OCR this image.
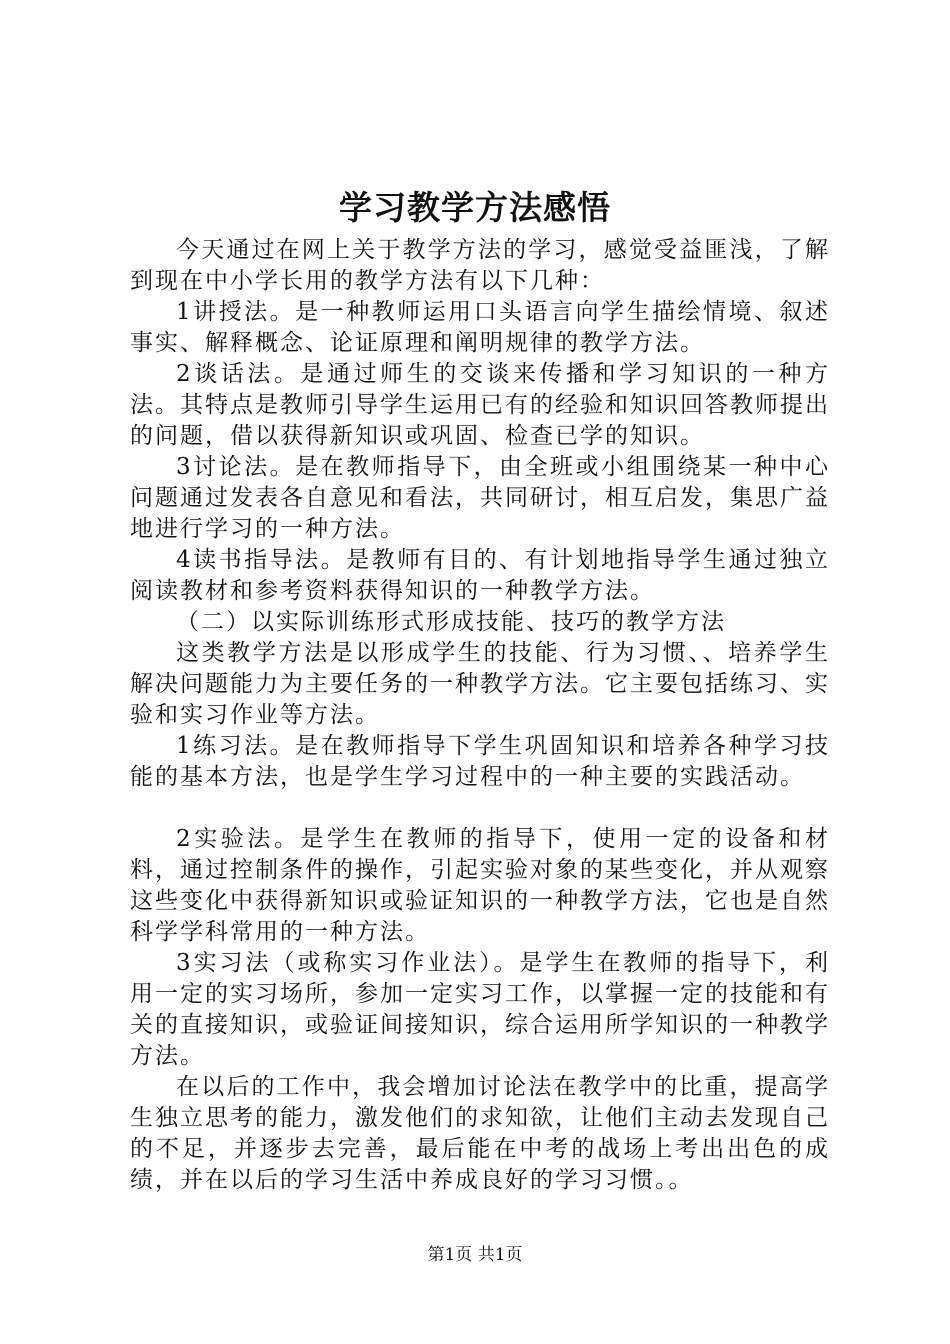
学习教学方法感悟

今天通过在网上关于教学方法的学习，感觉受益匪浅，了解到现在中小学长用的教学方法有以下几种：

1讲授法。是一种教师运用口头语言向学生描绘情境、叙述事实、解释概念、论证原理和阐明规律的教学方法。

2谈话法。是通过师生的交谈来传播和学习知识的一种方法。其特点是教师引导学生运用已有的经验和知识回答教师提出的问题，借以获得新知识或巩固、检查已学的知识。

3讨论法。是在教师指导下，由全班或小组围绕某一种中心问题通过发表各自意见和看法，共同研讨，相互启发，集思广益地进行学习的一种方法。

4读书指导法。是教师有目的、有计划地指导学生通过独立阅读教材和参考资料获得知识的一种教学方法。

（二）以实际训练形式形成技能、技巧的教学方法

这类教学方法是以形成学生的技能、行为习惯、、培养学生解决问题能力为主要任务的一种教学方法。它主要包括练习、实验和实习作业等方法。

1练习法。是在教师指导下学生巩固知识和培养各种学习技能的基本方法，也是学生学习过程中的一种主要的实践活动。

2实验法。是学生在教师的指导下，使用一定的设备和材料，通过控制条件的操作，引起实验对象的某些变化，并从观察这些变化中获得新知识或验证知识的一种教学方法，它也是自然科学学科常用的一种方法。

3实习法（或称实习作业法）。是学生在教师的指导下，利用一定的实习场所，参加一定实习工作，以掌握一定的技能和有关的直接知识，或验证间接知识，综合运用所学知识的一种教学方法。

在以后的工作中，我会增加讨论法在教学中的比重，提高学生独立思考的能力，激发他们的求知欲，让他们主动去发现自己的不足，并逐步去完善，最后能在中考的战场上考出出色的成绩，并在以后的学习生活中养成良好的学习习惯。。

第1页 共1页
